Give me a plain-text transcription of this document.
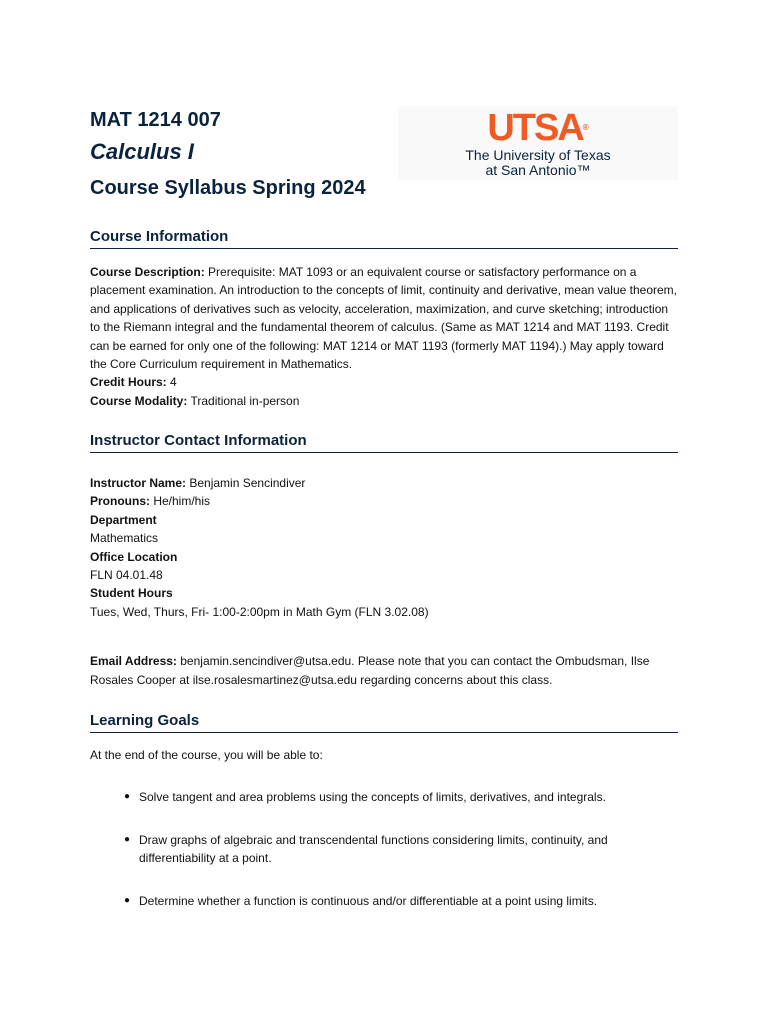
MAT 1214 007
Calculus I
Course Syllabus Spring 2024
UTSA®
The University of Texas
at San Antonio™
Course Information

Course Description: Prerequisite: MAT 1093 or an equivalent course or satisfactory performance on a placement examination. An introduction to the concepts of limit, continuity and derivative, mean value theorem, and applications of derivatives such as velocity, acceleration, maximization, and curve sketching; introduction to the Riemann integral and the fundamental theorem of calculus. (Same as MAT 1214 and MAT 1193. Credit can be earned for only one of the following: MAT 1214 or MAT 1193 (formerly MAT 1194).) May apply toward the Core Curriculum requirement in Mathematics.

Credit Hours: 4

Course Modality: Traditional in-person

Instructor Contact Information

Instructor Name: Benjamin Sencindiver

Pronouns: He/him/his

Department

Mathematics

Office Location

FLN 04.01.48

Student Hours

Tues, Wed, Thurs, Fri- 1:00-2:00pm in Math Gym (FLN 3.02.08)

Email Address: benjamin.sencindiver@utsa.edu. Please note that you can contact the Ombudsman, Ilse Rosales Cooper at ilse.rosalesmartinez@utsa.edu regarding concerns about this class.

Learning Goals

At the end of the course, you will be able to:

● Solve tangent and area problems using the concepts of limits, derivatives, and integrals.
● Draw graphs of algebraic and transcendental functions considering limits, continuity, and differentiability at a point.
● Determine whether a function is continuous and/or differentiable at a point using limits.
